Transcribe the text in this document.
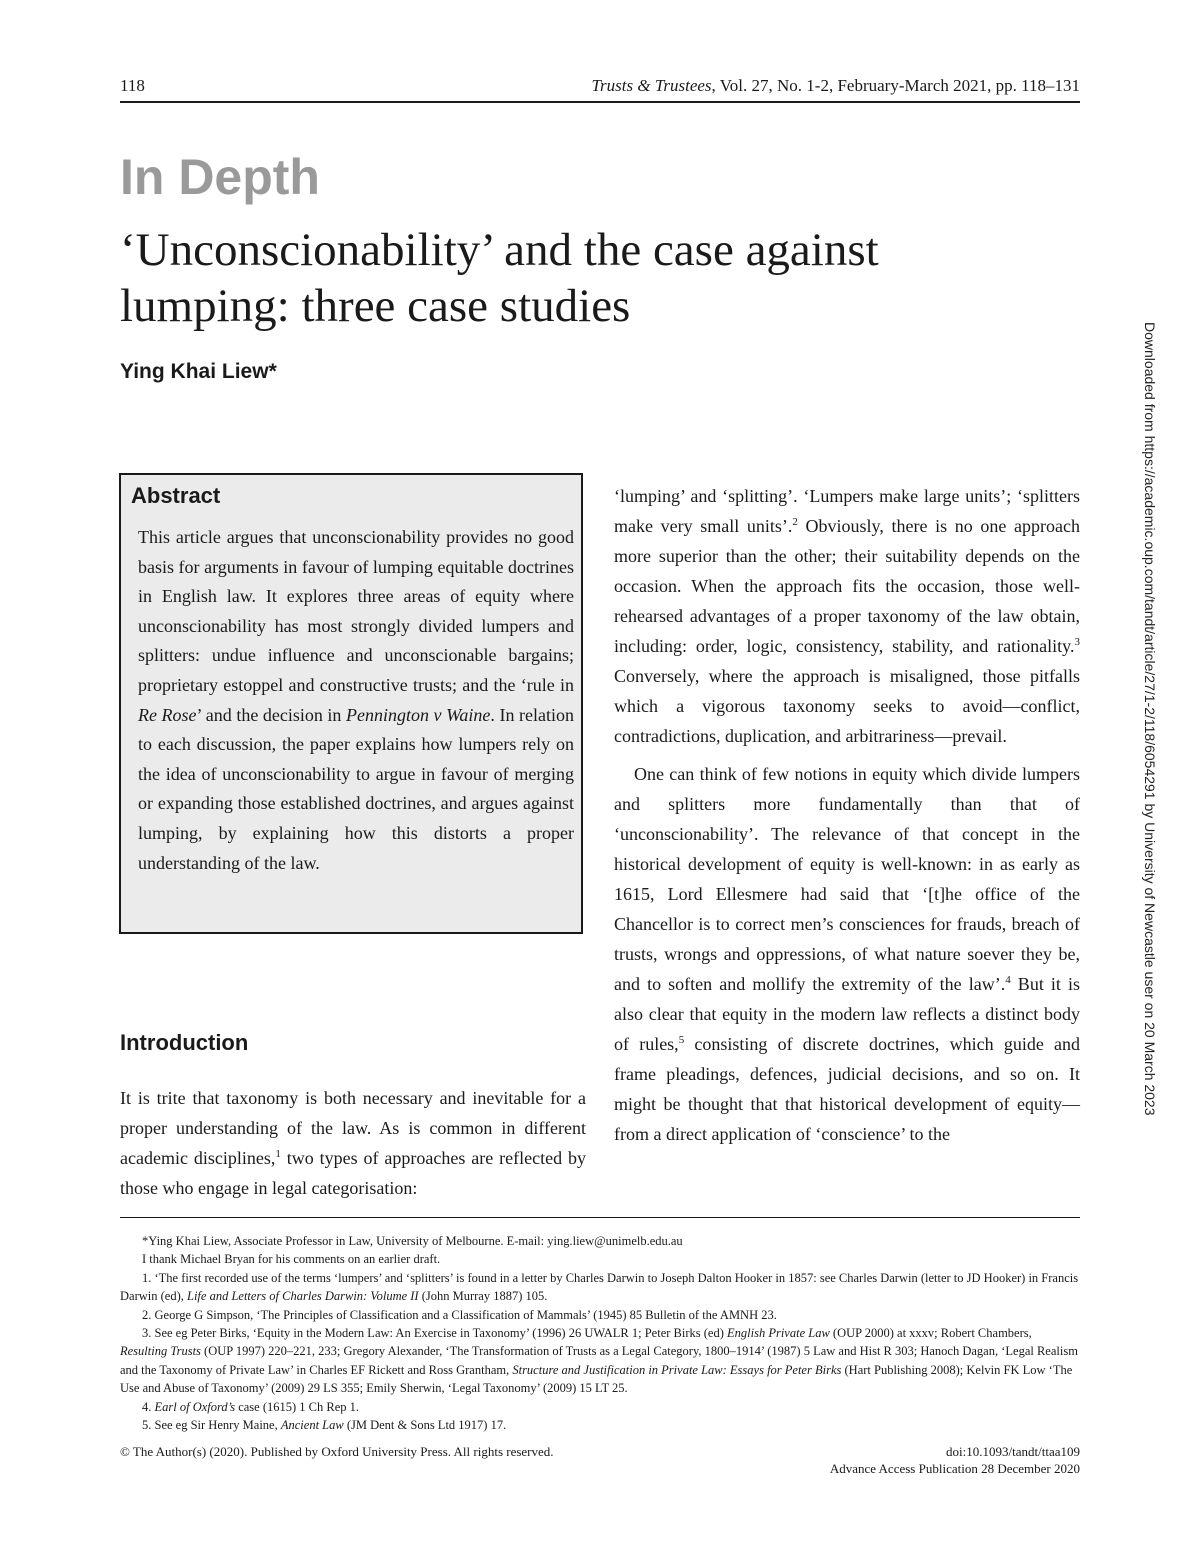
118	Trusts & Trustees, Vol. 27, No. 1-2, February-March 2021, pp. 118–131
In Depth
‘Unconscionability’ and the case against lumping: three case studies
Ying Khai Liew*	Downloaded from https://academic.oup.com/tandt/article/27/1-2/118/6054291 by University of Newcastle user on 20 March 2023
Abstract
This article argues that unconscionability provides no good basis for arguments in favour of lumping equitable doctrines in English law. It explores three areas of equity where unconscionability has most strongly divided lumpers and splitters: undue influence and unconscionable bargains; proprietary estoppel and constructive trusts; and the ‘rule in Re Rose’ and the decision in Pennington v Waine. In relation to each discussion, the paper explains how lumpers rely on the idea of unconscionability to argue in favour of merging or expanding those established doctrines, and argues against lumping, by explaining how this distorts a proper understanding of the law.
Introduction
It is trite that taxonomy is both necessary and inevitable for a proper understanding of the law. As is common in different academic disciplines,$^1$ two types of approaches are reflected by those who engage in legal categorisation:

‘lumping’ and ‘splitting’. ‘Lumpers make large units’; ‘splitters make very small units’.$^2$ Obviously, there is no one approach more superior than the other; their suitability depends on the occasion. When the approach fits the occasion, those well-rehearsed advantages of a proper taxonomy of the law obtain, including: order, logic, consistency, stability, and rationality.$^3$ Conversely, where the approach is misaligned, those pitfalls which a vigorous taxonomy seeks to avoid—conflict, contradictions, duplication, and arbitrariness—prevail.

One can think of few notions in equity which divide lumpers and splitters more fundamentally than that of ‘unconscionability’. The relevance of that concept in the historical development of equity is well-known: in as early as 1615, Lord Ellesmere had said that ‘[t]he office of the Chancellor is to correct men’s consciences for frauds, breach of trusts, wrongs and oppressions, of what nature soever they be, and to soften and mollify the extremity of the law’.$^4$ But it is also clear that equity in the modern law reflects a distinct body of rules,$^5$ consisting of discrete doctrines, which guide and frame pleadings, defences, judicial decisions, and so on. It might be thought that that historical development of equity—from a direct application of ‘conscience’ to the

*Ying Khai Liew, Associate Professor in Law, University of Melbourne. E-mail: ying.liew@unimelb.edu.au
I thank Michael Bryan for his comments on an earlier draft.
1. ‘The first recorded use of the terms ‘lumpers’ and ‘splitters’ is found in a letter by Charles Darwin to Joseph Dalton Hooker in 1857: see Charles Darwin (letter to JD Hooker) in Francis Darwin (ed), Life and Letters of Charles Darwin: Volume II (John Murray 1887) 105.
2. George G Simpson, ‘The Principles of Classification and a Classification of Mammals’ (1945) 85 Bulletin of the AMNH 23.
3. See eg Peter Birks, ‘Equity in the Modern Law: An Exercise in Taxonomy’ (1996) 26 UWALR 1; Peter Birks (ed) English Private Law (OUP 2000) at xxxv; Robert Chambers, Resulting Trusts (OUP 1997) 220–221, 233; Gregory Alexander, ‘The Transformation of Trusts as a Legal Category, 1800–1914’ (1987) 5 Law and Hist R 303; Hanoch Dagan, ‘Legal Realism and the Taxonomy of Private Law’ in Charles EF Rickett and Ross Grantham, Structure and Justification in Private Law: Essays for Peter Birks (Hart Publishing 2008); Kelvin FK Low ‘The Use and Abuse of Taxonomy’ (2009) 29 LS 355; Emily Sherwin, ‘Legal Taxonomy’ (2009) 15 LT 25.
4. Earl of Oxford’s case (1615) 1 Ch Rep 1.
5. See eg Sir Henry Maine, Ancient Law (JM Dent & Sons Ltd 1917) 17.
© The Author(s) (2020). Published by Oxford University Press. All rights reserved.	doi:10.1093/tandt/ttaa109
Advance Access Publication 28 December 2020
